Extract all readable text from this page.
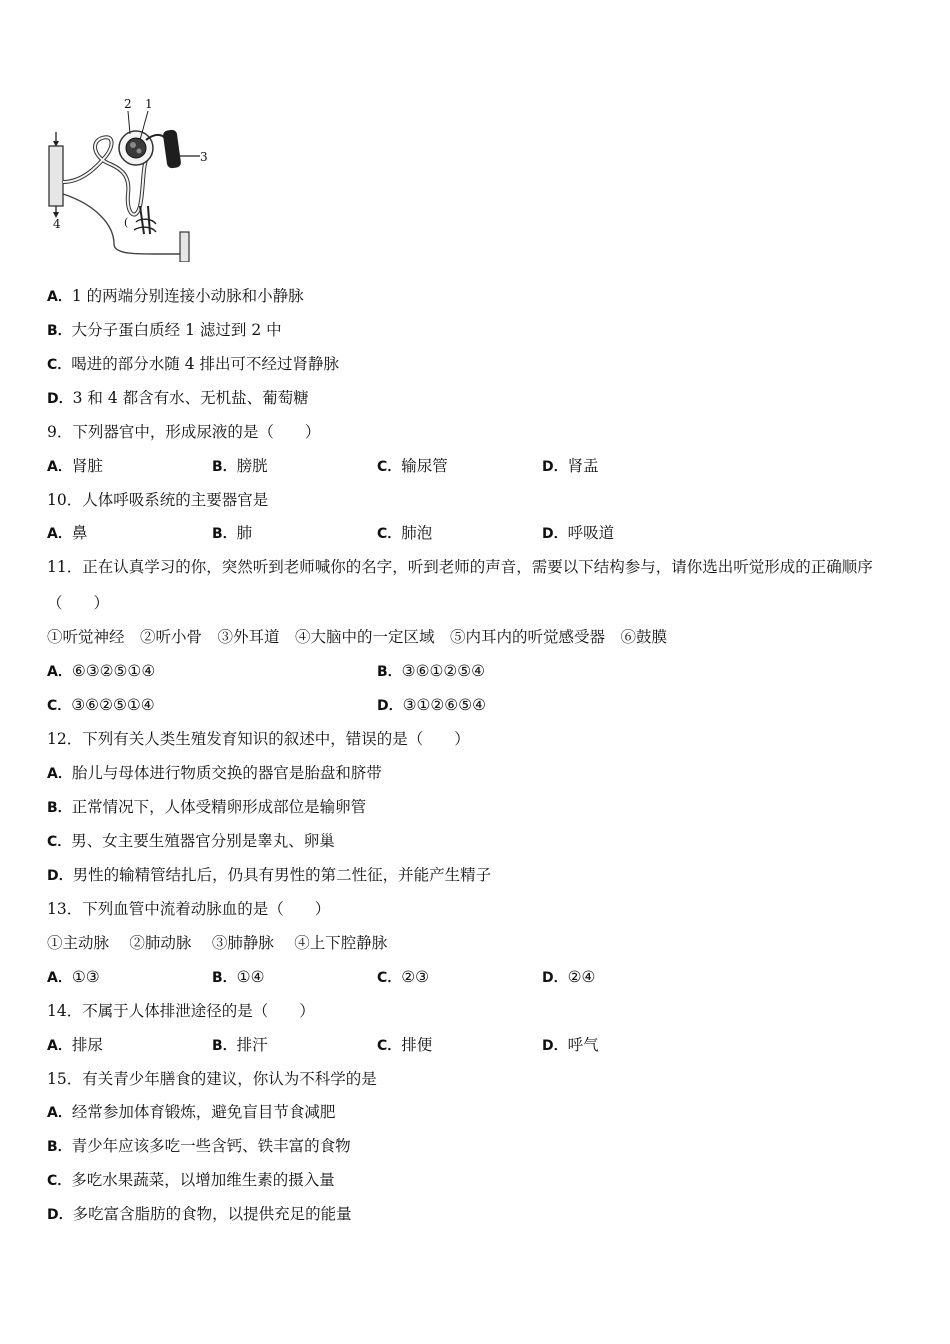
4	(
3
2 1
A．1 的两端分别连接小动脉和小静脉
B．大分子蛋白质经 1 滤过到 2 中
C．喝进的部分水随 4 排出可不经过肾静脉
D．3 和 4 都含有水、无机盐、葡萄糖
9．下列器官中，形成尿液的是（　　）
A．肾脏	B．膀胱	C．输尿管	D．肾盂
10．人体呼吸系统的主要器官是
A．鼻	B．肺	C．肺泡	D．呼吸道
11．正在认真学习的你，突然听到老师喊你的名字，听到老师的声音，需要以下结构参与，请你选出听觉形成的正确顺序（　　）
①听觉神经　②听小骨　③外耳道　④大脑中的一定区域　⑤内耳内的听觉感受器　⑥鼓膜
A．⑥③②⑤①④	B．③⑥①②⑤④
C．③⑥②⑤①④	D．③①②⑥⑤④
12．下列有关人类生殖发育知识的叙述中，错误的是（　　）
A．胎儿与母体进行物质交换的器官是胎盘和脐带
B．正常情况下，人体受精卵形成部位是输卵管
C．男、女主要生殖器官分别是睾丸、卵巢
D．男性的输精管结扎后，仍具有男性的第二性征，并能产生精子
13．下列血管中流着动脉血的是（　　）
①主动脉　 ②肺动脉　 ③肺静脉　 ④上下腔静脉
A．①③	B．①④	C．②③	D．②④
14．不属于人体排泄途径的是（　　）
A．排尿	B．排汗	C．排便	D．呼气
15．有关青少年膳食的建议，你认为不科学的是
A．经常参加体育锻炼，避免盲目节食减肥
B．青少年应该多吃一些含钙、铁丰富的食物
C．多吃水果蔬菜，以增加维生素的摄入量
D．多吃富含脂肪的食物，以提供充足的能量
